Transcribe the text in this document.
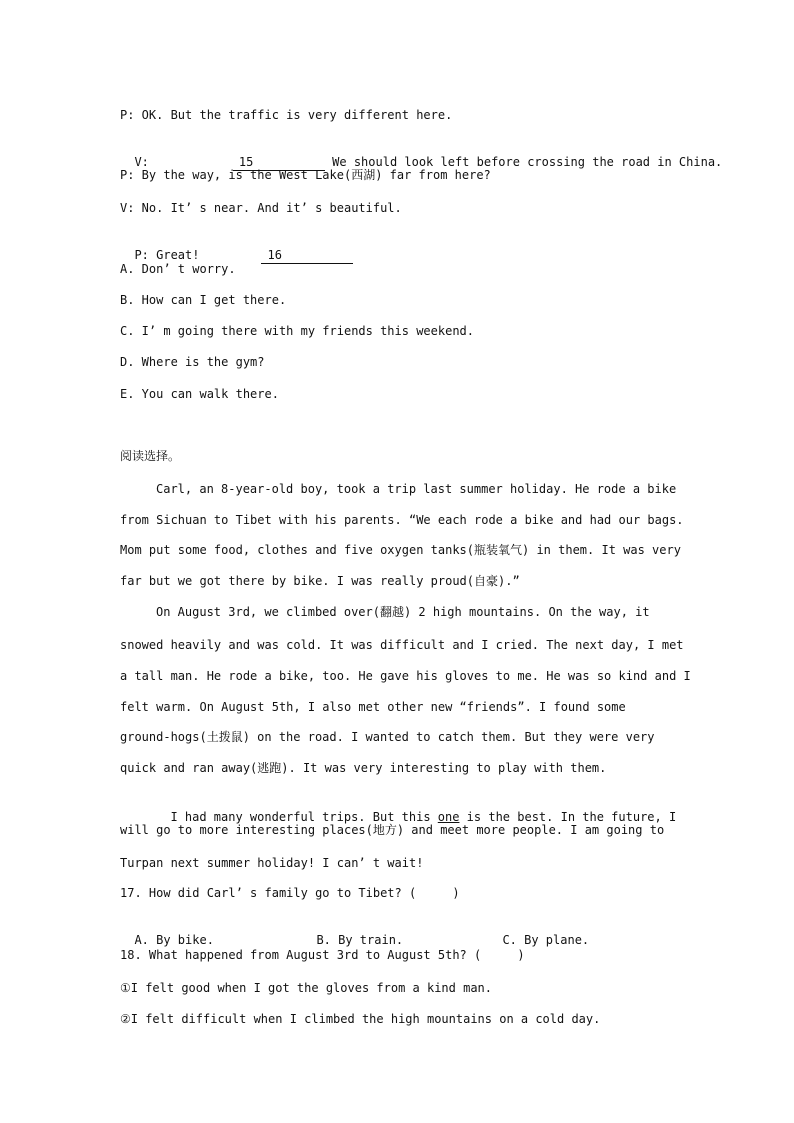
P: OK. But the traffic is very different here.

V:	15	We should look left before crossing the road in China.

P: By the way, is the West Lake(西湖) far from here?
V: No. It’ s near. And it’ s beautiful.

P: Great!	16

A. Don’ t worry.
B. How can I get there.
C. I’ m going there with my friends this weekend.
D. Where is the gym?
E. You can walk there.
阅读选择。
Carl, an 8-year-old boy, took a trip last summer holiday. He rode a bike
from Sichuan to Tibet with his parents. “We each rode a bike and had our bags.
Mom put some food, clothes and five oxygen tanks(瓶装氧气) in them. It was very
far but we got there by bike. I was really proud(自豪).”
On August 3rd, we climbed over(翻越) 2 high mountains. On the way, it
snowed heavily and was cold. It was difficult and I cried. The next day, I met
a tall man. He rode a bike, too. He gave his gloves to me. He was so kind and I
felt warm. On August 5th, I also met other new “friends”. I found some
ground-hogs(土拨鼠) on the road. I wanted to catch them. But they were very
quick and ran away(逃跑). It was very interesting to play with them.

I had many wonderful trips. But this one is the best. In the future, I

will go to more interesting places(地方) and meet more people. I am going to
Turpan next summer holiday! I can’ t wait!
17. How did Carl’ s family go to Tibet? (     )

A. By bike.	B. By train.	C. By plane.

18. What happened from August 3rd to August 5th? (     )
①I felt good when I got the gloves from a kind man.
②I felt difficult when I climbed the high mountains on a cold day.
